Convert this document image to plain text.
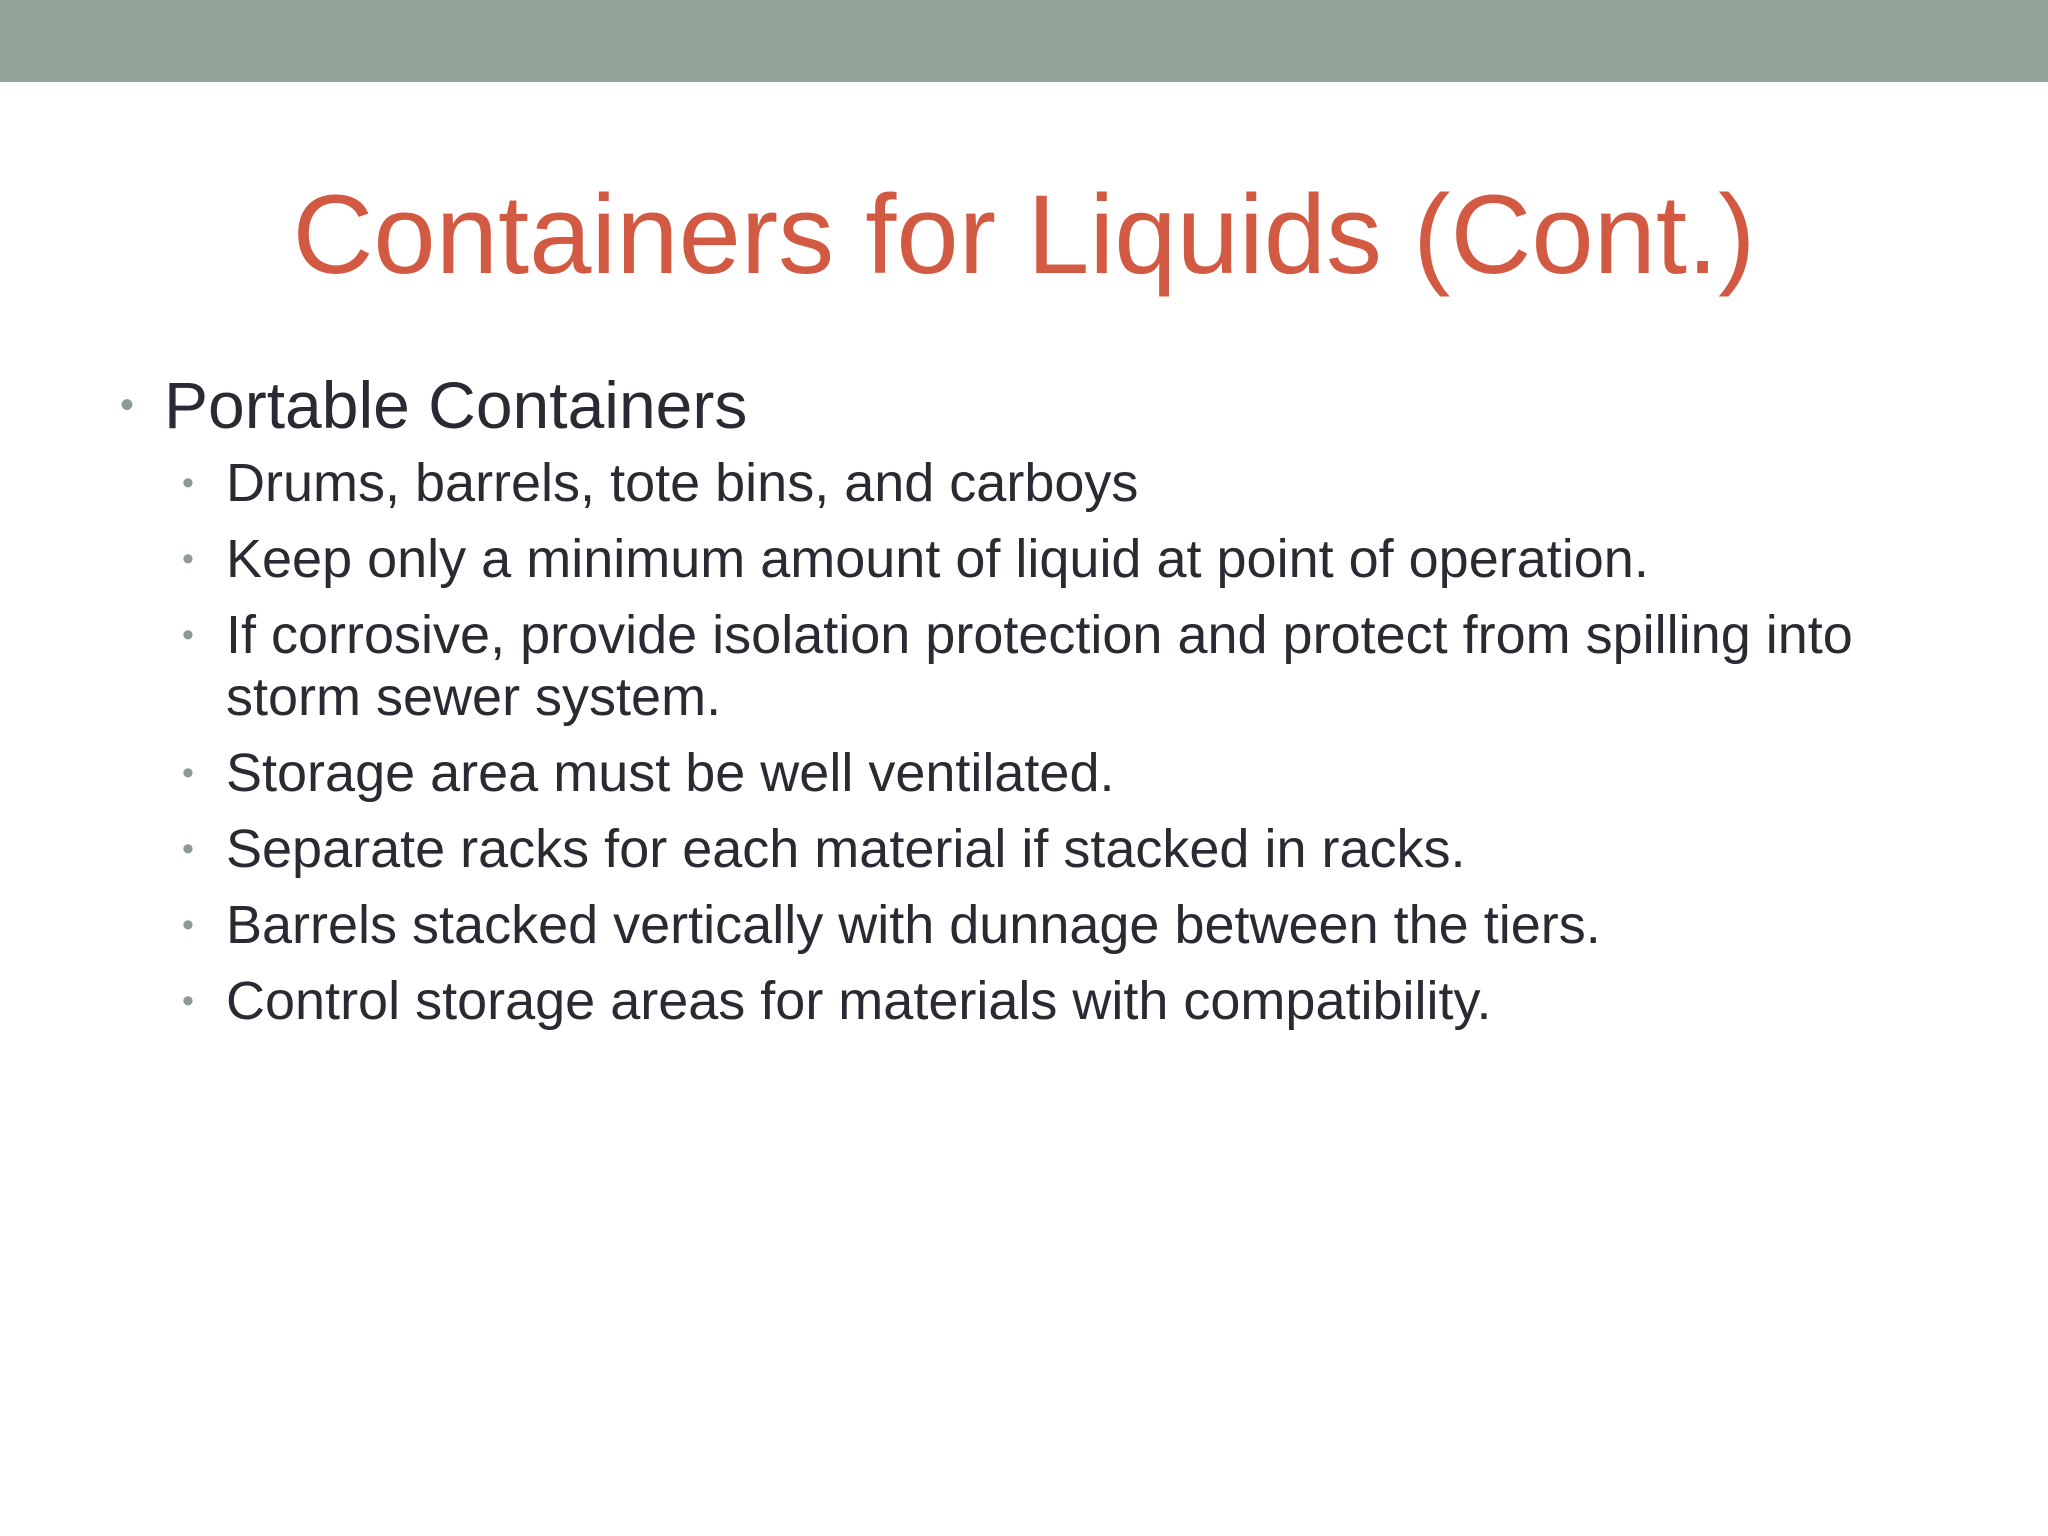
Containers for Liquids (Cont.)
• Portable Containers
• Drums, barrels, tote bins, and carboys
• Keep only a minimum amount of liquid at point of operation.
• If corrosive, provide isolation protection and protect from spilling into storm sewer system.
• Storage area must be well ventilated.
• Separate racks for each material if stacked in racks.
• Barrels stacked vertically with dunnage between the tiers.
• Control storage areas for materials with compatibility.
